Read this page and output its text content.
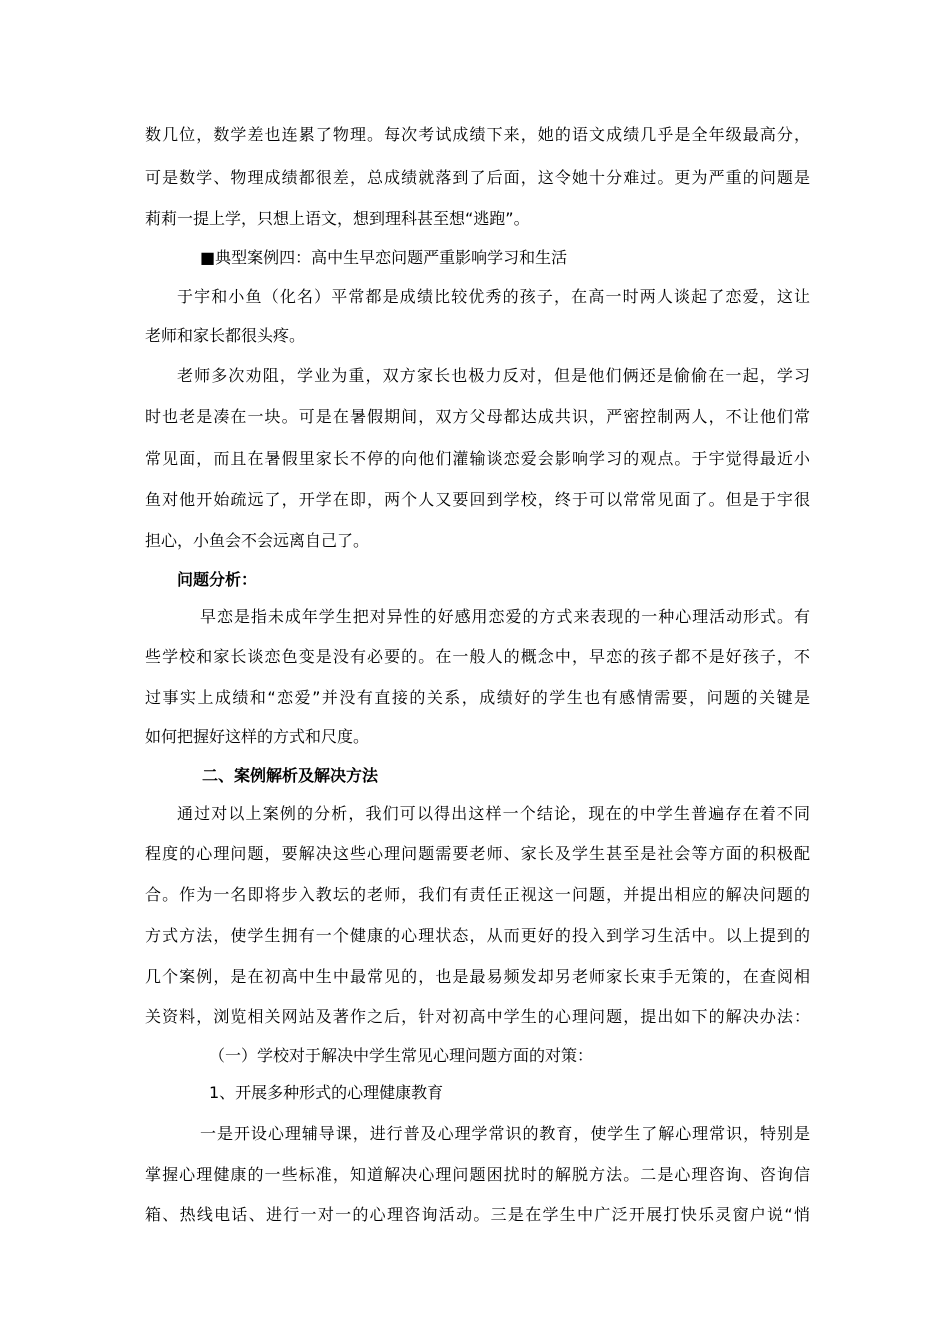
数几位，数学差也连累了物理。每次考试成绩下来，她的语文成绩几乎是全年级最高分，
可是数学、物理成绩都很差，总成绩就落到了后面，这令她十分难过。更为严重的问题是
莉莉一提上学，只想上语文，想到理科甚至想“逃跑”。
■典型案例四：高中生早恋问题严重影响学习和生活
于宇和小鱼（化名）平常都是成绩比较优秀的孩子，在高一时两人谈起了恋爱，这让
老师和家长都很头疼。
老师多次劝阻，学业为重，双方家长也极力反对，但是他们俩还是偷偷在一起，学习
时也老是凑在一块。可是在暑假期间，双方父母都达成共识，严密控制两人，不让他们常
常见面，而且在暑假里家长不停的向他们灌输谈恋爱会影响学习的观点。于宇觉得最近小
鱼对他开始疏远了，开学在即，两个人又要回到学校，终于可以常常见面了。但是于宇很
担心，小鱼会不会远离自己了。
问题分析：
早恋是指未成年学生把对异性的好感用恋爱的方式来表现的一种心理活动形式。有
些学校和家长谈恋色变是没有必要的。在一般人的概念中，早恋的孩子都不是好孩子，不
过事实上成绩和“恋爱”并没有直接的关系，成绩好的学生也有感情需要，问题的关键是
如何把握好这样的方式和尺度。
二、案例解析及解决方法
通过对以上案例的分析，我们可以得出这样一个结论，现在的中学生普遍存在着不同
程度的心理问题，要解决这些心理问题需要老师、家长及学生甚至是社会等方面的积极配
合。作为一名即将步入教坛的老师，我们有责任正视这一问题，并提出相应的解决问题的
方式方法，使学生拥有一个健康的心理状态，从而更好的投入到学习生活中。以上提到的
几个案例，是在初高中生中最常见的，也是最易频发却另老师家长束手无策的，在查阅相
关资料，浏览相关网站及著作之后，针对初高中学生的心理问题，提出如下的解决办法：
（一）学校对于解决中学生常见心理问题方面的对策：
1、开展多种形式的心理健康教育
一是开设心理辅导课，进行普及心理学常识的教育，使学生了解心理常识，特别是
掌握心理健康的一些标准，知道解决心理问题困扰时的解脱方法。二是心理咨询、咨询信
箱、热线电话、进行一对一的心理咨询活动。三是在学生中广泛开展打快乐灵窗户说“悄
